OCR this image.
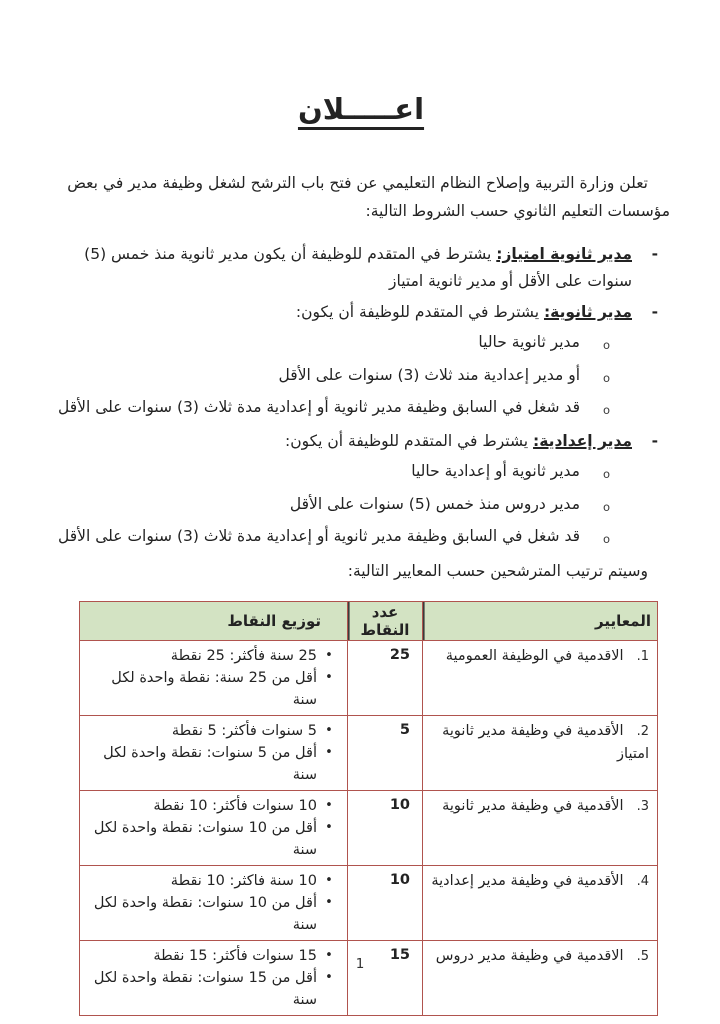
اعـــــلان

تعلن وزارة التربية وإصلاح النظام التعليمي عن فتح باب الترشح لشغل وظيفة مدير في بعض مؤسسات التعليم الثانوي حسب الشروط التالية:

-
مدير ثانوية امتياز: يشترط في المتقدم للوظيفة أن يكون مدير ثانوية منذ خمس (5) سنوات على الأقل أو مدير ثانوية امتياز
-
مدير ثانوية: يشترط في المتقدم للوظيفة أن يكون:
o
مدير ثانوية حاليا
o
أو مدير إعدادية مند ثلاث (3) سنوات على الأقل
o
قد شغل في السابق وظيفة مدير ثانوية أو إعدادية مدة ثلاث (3) سنوات على الأقل
-
مدير إعدادية: يشترط في المتقدم للوظيفة أن يكون:
o
مدير ثانوية أو إعدادية حاليا
o
مدير دروس منذ خمس (5) سنوات على الأقل
o
قد شغل في السابق وظيفة مدير ثانوية أو إعدادية مدة ثلاث (3) سنوات على الأقل

وسيتم ترتيب المترشحين حسب المعايير التالية:

المعايير	عدد النقاط	توزيع النقاط
1.الاقدمية في الوظيفة العمومية	25	•
25 سنة فأكثر: 25 نقطة
•
أقل من 25 سنة: نقطة واحدة لكل سنة

2.الأقدمية في وظيفة مدير ثانوية امتياز	5	•
5 سنوات فأكثر: 5 نقطة
•
أقل من 5 سنوات: نقطة واحدة لكل سنة

3.الأقدمية في وظيفة مدير ثانوية	10	•
10 سنوات فأكثر: 10 نقطة
•
أقل من 10 سنوات: نقطة واحدة لكل سنة

4.الأقدمية في وظيفة مدير إعدادية	10	•
10 سنة فاكثر: 10 نقطة
•
أقل من 10 سنوات: نقطة واحدة لكل سنة

5.الاقدمية في وظيفة مدير دروس	15	•
15 سنوات فأكثر: 15 نقطة
•
أقل من 15 سنوات: نقطة واحدة لكل سنة
1
